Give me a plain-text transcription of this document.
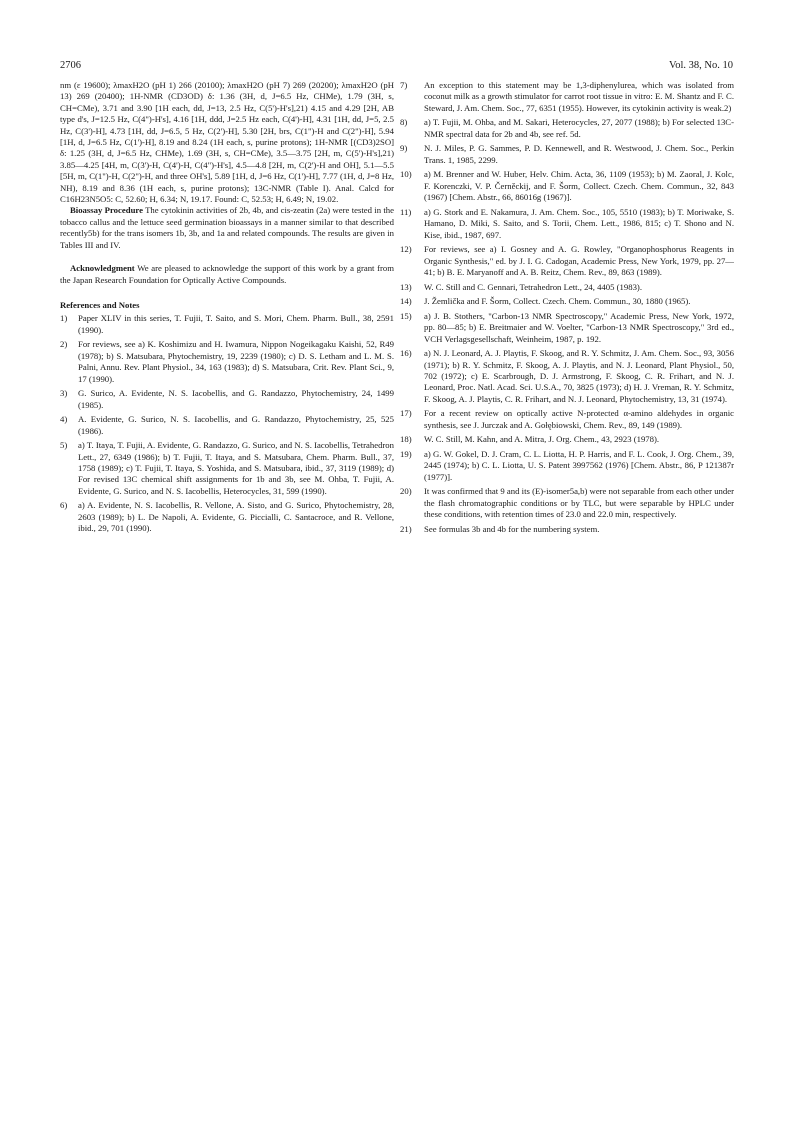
2706	Vol. 38, No. 10

nm (ε 19600); λmaxH2O (pH 1) 266 (20100); λmaxH2O (pH 7) 269 (20200); λmaxH2O (pH 13) 269 (20400); 1H-NMR (CD3OD) δ: 1.36 (3H, d, J=6.5 Hz, CHMe), 1.79 (3H, s, CH=CMe), 3.71 and 3.90 [1H each, dd, J=13, 2.5 Hz, C(5')-H's],21) 4.15 and 4.29 [2H, AB type d's, J=12.5 Hz, C(4")-H's], 4.16 [1H, ddd, J=2.5 Hz each, C(4')-H], 4.31 [1H, dd, J=5, 2.5 Hz, C(3')-H], 4.73 [1H, dd, J=6.5, 5 Hz, C(2')-H], 5.30 [2H, brs, C(1")-H and C(2")-H], 5.94 [1H, d, J=6.5 Hz, C(1')-H], 8.19 and 8.24 (1H each, s, purine protons); 1H-NMR [(CD3)2SO] δ: 1.25 (3H, d, J=6.5 Hz, CHMe), 1.69 (3H, s, CH=CMe), 3.5—3.75 [2H, m, C(5')-H's],21) 3.85—4.25 [4H, m, C(3')-H, C(4')-H, C(4")-H's], 4.5—4.8 [2H, m, C(2')-H and OH], 5.1—5.5 [5H, m, C(1")-H, C(2")-H, and three OH's], 5.89 [1H, d, J=6 Hz, C(1')-H], 7.77 (1H, d, J=8 Hz, NH), 8.19 and 8.36 (1H each, s, purine protons); 13C-NMR (Table I). Anal. Calcd for C16H23N5O5: C, 52.60; H, 6.34; N, 19.17. Found: C, 52.53; H, 6.49; N, 19.02.

Bioassay Procedure The cytokinin activities of 2b, 4b, and cis-zeatin (2a) were tested in the tobacco callus and the lettuce seed germination bioassays in a manner similar to that described recently5b) for the trans isomers 1b, 3b, and 1a and related compounds. The results are given in Tables III and IV.

Acknowledgment We are pleased to acknowledge the support of this work by a grant from the Japan Research Foundation for Optically Active Compounds.

References and Notes
1)	Paper XLIV in this series, T. Fujii, T. Saito, and S. Mori, Chem. Pharm. Bull., 38, 2591 (1990).
2)	For reviews, see a) K. Koshimizu and H. Iwamura, Nippon Nogeikagaku Kaishi, 52, R49 (1978); b) S. Matsubara, Phytochemistry, 19, 2239 (1980); c) D. S. Letham and L. M. S. Palni, Annu. Rev. Plant Physiol., 34, 163 (1983); d) S. Matsubara, Crit. Rev. Plant Sci., 9, 17 (1990).
3)	G. Surico, A. Evidente, N. S. Iacobellis, and G. Randazzo, Phytochemistry, 24, 1499 (1985).
4)	A. Evidente, G. Surico, N. S. Iacobellis, and G. Randazzo, Phytochemistry, 25, 525 (1986).
5)	a) T. Itaya, T. Fujii, A. Evidente, G. Randazzo, G. Surico, and N. S. Iacobellis, Tetrahedron Lett., 27, 6349 (1986); b) T. Fujii, T. Itaya, and S. Matsubara, Chem. Pharm. Bull., 37, 1758 (1989); c) T. Fujii, T. Itaya, S. Yoshida, and S. Matsubara, ibid., 37, 3119 (1989); d) For revised 13C chemical shift assignments for 1b and 3b, see M. Ohba, T. Fujii, A. Evidente, G. Surico, and N. S. Iacobellis, Heterocycles, 31, 599 (1990).
6)	a) A. Evidente, N. S. Iacobellis, R. Vellone, A. Sisto, and G. Surico, Phytochemistry, 28, 2603 (1989); b) L. De Napoli, A. Evidente, G. Piccialli, C. Santacroce, and R. Vellone, ibid., 29, 701 (1990).
7)	An exception to this statement may be 1,3-diphenylurea, which was isolated from coconut milk as a growth stimulator for carrot root tissue in vitro: E. M. Shantz and F. C. Steward, J. Am. Chem. Soc., 77, 6351 (1955). However, its cytokinin activity is weak.2)
8)	a) T. Fujii, M. Ohba, and M. Sakari, Heterocycles, 27, 2077 (1988); b) For selected 13C-NMR spectral data for 2b and 4b, see ref. 5d.
9)	N. J. Miles, P. G. Sammes, P. D. Kennewell, and R. Westwood, J. Chem. Soc., Perkin Trans. 1, 1985, 2299.
10)	a) M. Brenner and W. Huber, Helv. Chim. Acta, 36, 1109 (1953); b) M. Zaoral, J. Kolc, F. Korenczki, V. P. Černěckij, and F. Šorm, Collect. Czech. Chem. Commun., 32, 843 (1967) [Chem. Abstr., 66, 86016g (1967)].
11)	a) G. Stork and E. Nakamura, J. Am. Chem. Soc., 105, 5510 (1983); b) T. Moriwake, S. Hamano, D. Miki, S. Saito, and S. Torii, Chem. Lett., 1986, 815; c) T. Shono and N. Kise, ibid., 1987, 697.
12)	For reviews, see a) I. Gosney and A. G. Rowley, "Organophosphorus Reagents in Organic Synthesis," ed. by J. I. G. Cadogan, Academic Press, New York, 1979, pp. 27—41; b) B. E. Maryanoff and A. B. Reitz, Chem. Rev., 89, 863 (1989).
13)	W. C. Still and C. Gennari, Tetrahedron Lett., 24, 4405 (1983).
14)	J. Žemlička and F. Šorm, Collect. Czech. Chem. Commun., 30, 1880 (1965).
15)	a) J. B. Stothers, "Carbon-13 NMR Spectroscopy," Academic Press, New York, 1972, pp. 80—85; b) E. Breitmaier and W. Voelter, "Carbon-13 NMR Spectroscopy," 3rd ed., VCH Verlagsgesellschaft, Weinheim, 1987, p. 192.
16)	a) N. J. Leonard, A. J. Playtis, F. Skoog, and R. Y. Schmitz, J. Am. Chem. Soc., 93, 3056 (1971); b) R. Y. Schmitz, F. Skoog, A. J. Playtis, and N. J. Leonard, Plant Physiol., 50, 702 (1972); c) E. Scarbrough, D. J. Armstrong, F. Skoog, C. R. Frihart, and N. J. Leonard, Proc. Natl. Acad. Sci. U.S.A., 70, 3825 (1973); d) H. J. Vreman, R. Y. Schmitz, F. Skoog, A. J. Playtis, C. R. Frihart, and N. J. Leonard, Phytochemistry, 13, 31 (1974).
17)	For a recent review on optically active N-protected α-amino aldehydes in organic synthesis, see J. Jurczak and A. Gołębiowski, Chem. Rev., 89, 149 (1989).
18)	W. C. Still, M. Kahn, and A. Mitra, J. Org. Chem., 43, 2923 (1978).
19)	a) G. W. Gokel, D. J. Cram, C. L. Liotta, H. P. Harris, and F. L. Cook, J. Org. Chem., 39, 2445 (1974); b) C. L. Liotta, U. S. Patent 3997562 (1976) [Chem. Abstr., 86, P 121387r (1977)].
20)	It was confirmed that 9 and its (E)-isomer5a,b) were not separable from each other under the flash chromatographic conditions or by TLC, but were separable by HPLC under these conditions, with retention times of 23.0 and 22.0 min, respectively.
21)	See formulas 3b and 4b for the numbering system.
